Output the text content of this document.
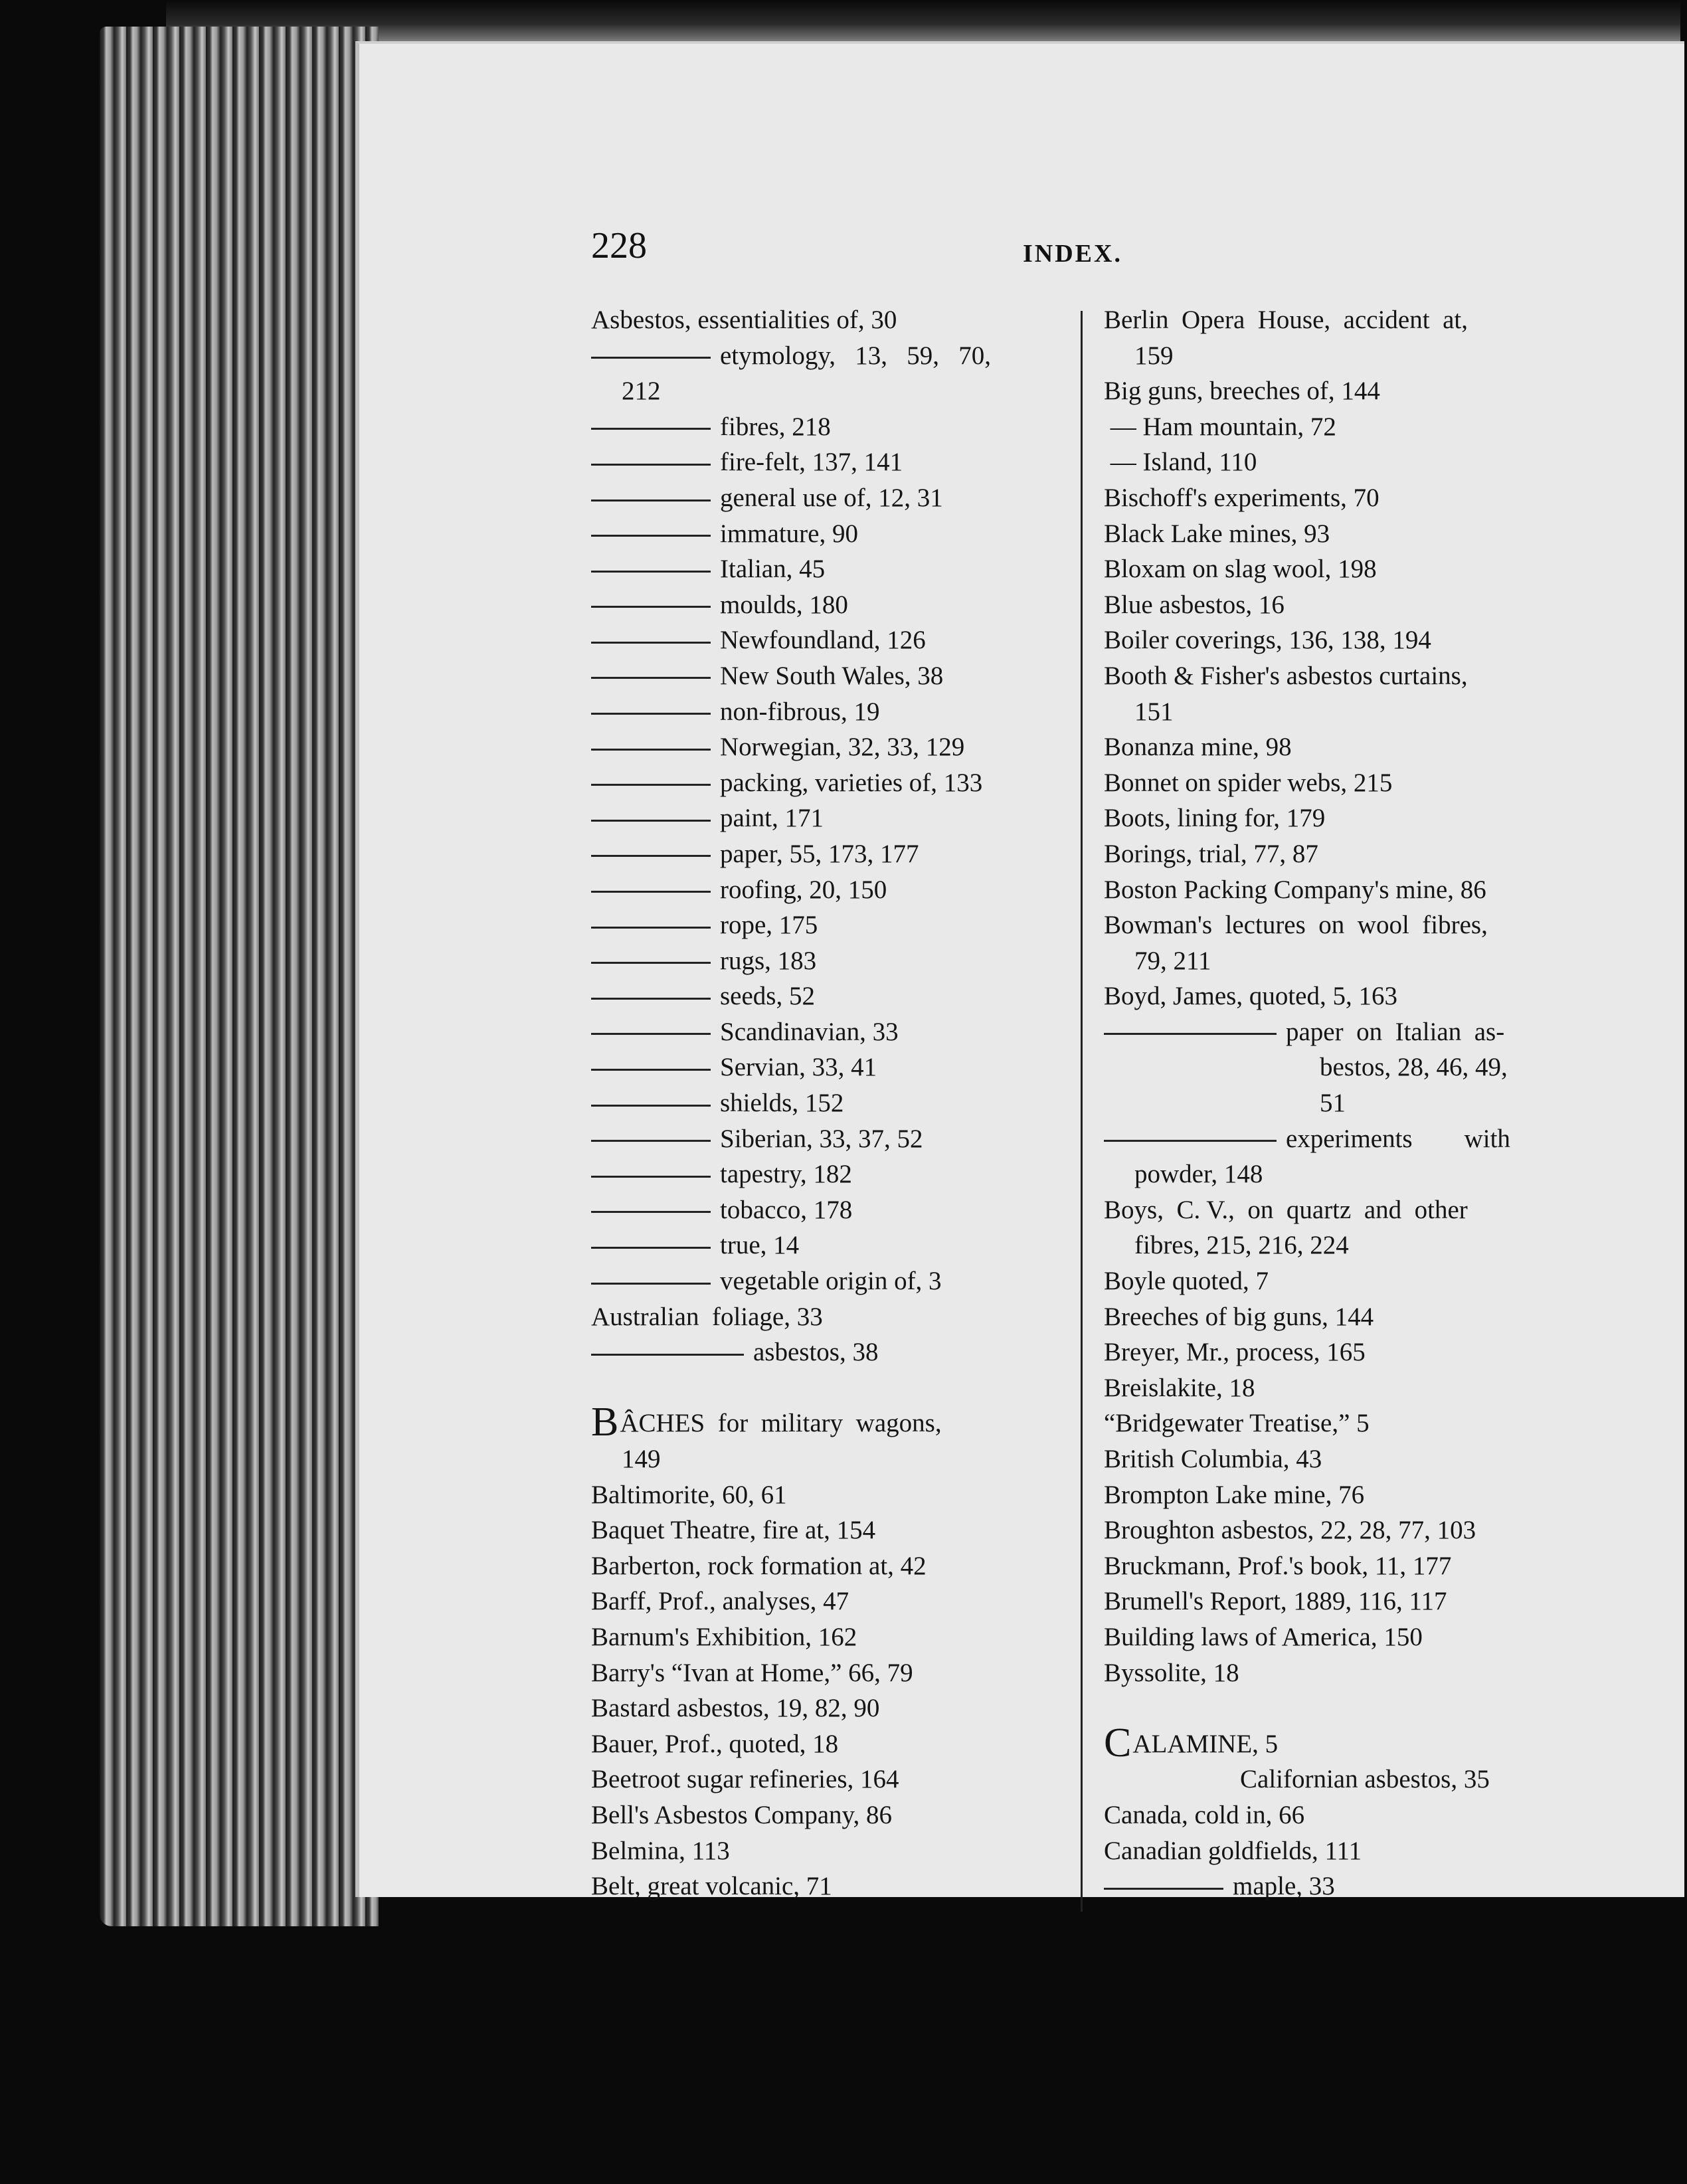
228	INDEX.
Asbestos, essentialities of, 30
etymology,   13,   59,   70,
212
fibres, 218
fire-felt, 137, 141
general use of, 12, 31
immature, 90
Italian, 45
moulds, 180
Newfoundland, 126
New South Wales, 38
non-fibrous, 19
Norwegian, 32, 33, 129
packing, varieties of, 133
paint, 171
paper, 55, 173, 177
roofing, 20, 150
rope, 175
rugs, 183
seeds, 52
Scandinavian, 33
Servian, 33, 41
shields, 152
Siberian, 33, 37, 52
tapestry, 182
tobacco, 178
true, 14
vegetable origin of, 3
Australian  foliage, 33
asbestos, 38
BÂCHES  for  military  wagons,
149
Baltimorite, 60, 61
Baquet Theatre, fire at, 154
Barberton, rock formation at, 42
Barff, Prof., analyses, 47
Barnum's Exhibition, 162
Barry's “Ivan at Home,” 66, 79
Bastard asbestos, 19, 82, 90
Bauer, Prof., quoted, 18
Beetroot sugar refineries, 164
Bell's Asbestos Company, 86
Belmina, 113
Belt, great volcanic, 71
Berlin  Opera  House,  accident  at,
159
Big guns, breeches of, 144
— Ham mountain, 72
— Island, 110
Bischoff's experiments, 70
Black Lake mines, 93
Bloxam on slag wool, 198
Blue asbestos, 16
Boiler coverings, 136, 138, 194
Booth & Fisher's asbestos curtains,
151
Bonanza mine, 98
Bonnet on spider webs, 215
Boots, lining for, 179
Borings, trial, 77, 87
Boston Packing Company's mine, 86
Bowman's  lectures  on  wool  fibres,
79, 211
Boyd, James, quoted, 5, 163
paper  on  Italian  as-
bestos, 28, 46, 49,
51
experiments        with
powder, 148
Boys,  C. V.,  on  quartz  and  other
fibres, 215, 216, 224
Boyle quoted, 7
Breeches of big guns, 144
Breyer, Mr., process, 165
Breislakite, 18
“Bridgewater Treatise,” 5
British Columbia, 43
Brompton Lake mine, 76
Broughton asbestos, 22, 28, 77, 103
Bruckmann, Prof.'s book, 11, 177
Brumell's Report, 1889, 116, 117
Building laws of America, 150
Byssolite, 18
CALAMINE, 5
Californian asbestos, 35
Canada, cold in, 66
Canadian goldfields, 111
maple, 33
